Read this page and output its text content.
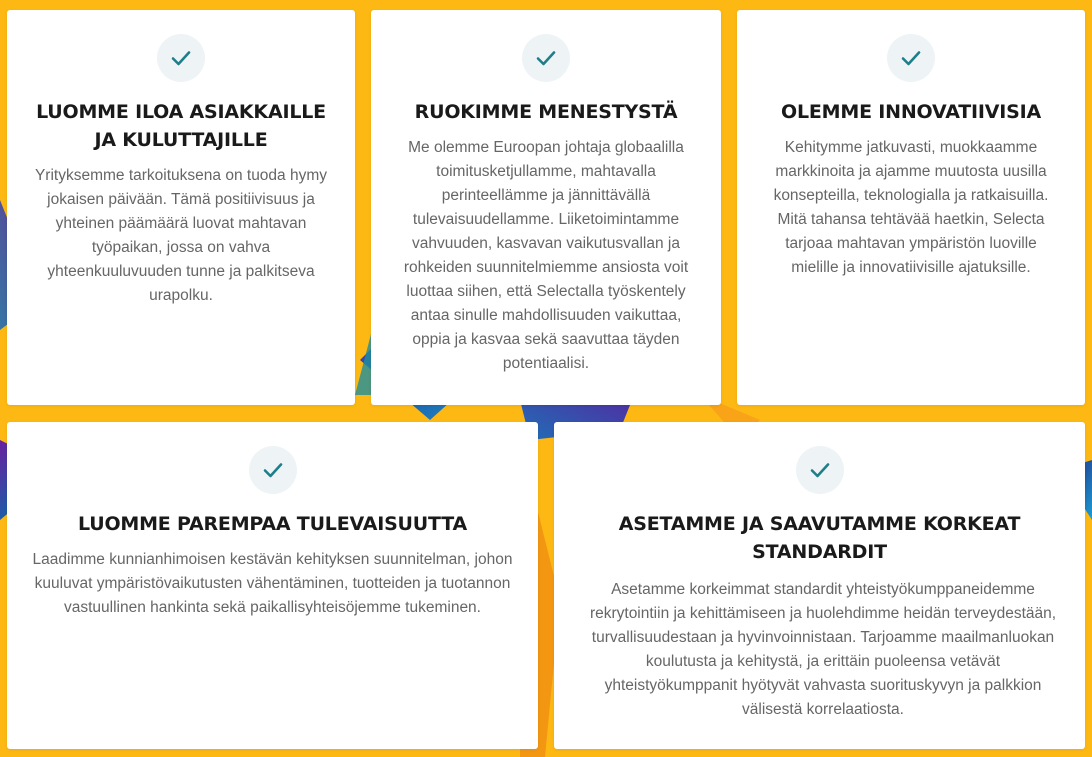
LUOMME ILOA ASIAKKAILLE JA KULUTTAJILLE
Yrityksemme tarkoituksena on tuoda hymy jokaisen päivään. Tämä positiivisuus ja yhteinen päämäärä luovat mahtavan työpaikan, jossa on vahva yhteenkuuluvuuden tunne ja palkitseva urapolku.
RUOKIMME MENESTYSTÄ
Me olemme Euroopan johtaja globaalilla toimitusketjullamme, mahtavalla perinteellämme ja jännittävällä tulevaisuudellamme. Liiketoimintamme vahvuuden, kasvavan vaikutusvallan ja rohkeiden suunnitelmiemme ansiosta voit luottaa siihen, että Selectalla työskentely antaa sinulle mahdollisuuden vaikuttaa, oppia ja kasvaa sekä saavuttaa täyden potentiaalisi.
OLEMME INNOVATIIVISIA
Kehitymme jatkuvasti, muokkaamme markkinoita ja ajamme muutosta uusilla konsepteilla, teknologialla ja ratkaisuilla. Mitä tahansa tehtävää haetkin, Selecta tarjoaa mahtavan ympäristön luoville mielille ja innovatiivisille ajatuksille.
LUOMME PAREMPAA TULEVAISUUTTA
Laadimme kunnianhimoisen kestävän kehityksen suunnitelman, johon kuuluvat ympäristövaikutusten vähentäminen, tuotteiden ja tuotannon vastuullinen hankinta sekä paikallisyhteisöjemme tukeminen.
ASETAMME JA SAAVUTAMME KORKEAT STANDARDIT
Asetamme korkeimmat standardit yhteistyökumppaneidemme rekrytointiin ja kehittämiseen ja huolehdimme heidän terveydestään, turvallisuudestaan ja hyvinvoinnistaan. Tarjoamme maailmanluokan koulutusta ja kehitystä, ja erittäin puoleensa vetävät yhteistyökumppanit hyötyvät vahvasta suorituskyvyn ja palkkion välisestä korrelaatiosta.
